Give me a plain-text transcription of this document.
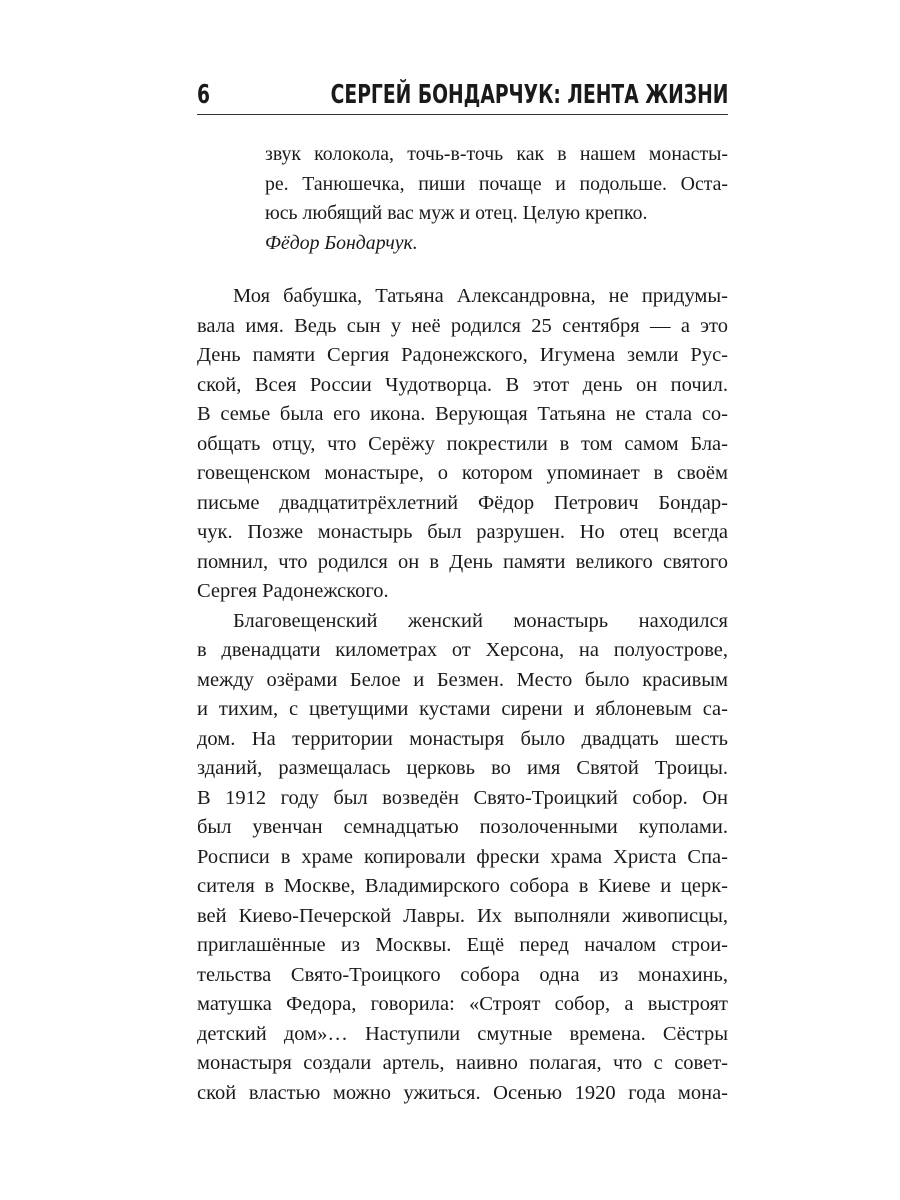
6	СЕРГЕЙ БОНДАРЧУК: ЛЕНТА ЖИЗНИ

звук колокола, точь-в-точь как в нашем монасты-

ре. Танюшечка, пиши почаще и подольше. Оста-

юсь любящий вас муж и отец. Целую крепко.

Фёдор Бондарчук.

Моя бабушка, Татьяна Александровна, не придумы-
вала имя. Ведь сын у неё родился 25 сентября — а это
День памяти Сергия Радонежского, Игумена земли Рус-
ской, Всея России Чудотворца. В этот день он почил.
В семье была его икона. Верующая Татьяна не стала со-
общать отцу, что Серёжу покрестили в том самом Бла-
говещенском монастыре, о котором упоминает в своём
письме двадцатитрёхлетний Фёдор Петрович Бондар-
чук. Позже монастырь был разрушен. Но отец всегда
помнил, что родился он в День памяти великого святого
Сергея Радонежского.
Благовещенский женский монастырь находился
в двенадцати километрах от Херсона, на полуострове,
между озёрами Белое и Безмен. Место было красивым
и тихим, с цветущими кустами сирени и яблоневым са-
дом. На территории монастыря было двадцать шесть
зданий, размещалась церковь во имя Святой Троицы.
В 1912 году был возведён Свято-Троицкий собор. Он
был увенчан семнадцатью позолоченными куполами.
Росписи в храме копировали фрески храма Христа Спа-
сителя в Москве, Владимирского собора в Киеве и церк-
вей Киево-Печерской Лавры. Их выполняли живописцы,
приглашённые из Москвы. Ещё перед началом строи-
тельства Свято-Троицкого собора одна из монахинь,
матушка Федора, говорила: «Строят собор, а выстроят
детский дом»… Наступили смутные времена. Сёстры
монастыря создали артель, наивно полагая, что с совет-
ской властью можно ужиться. Осенью 1920 года мона-
